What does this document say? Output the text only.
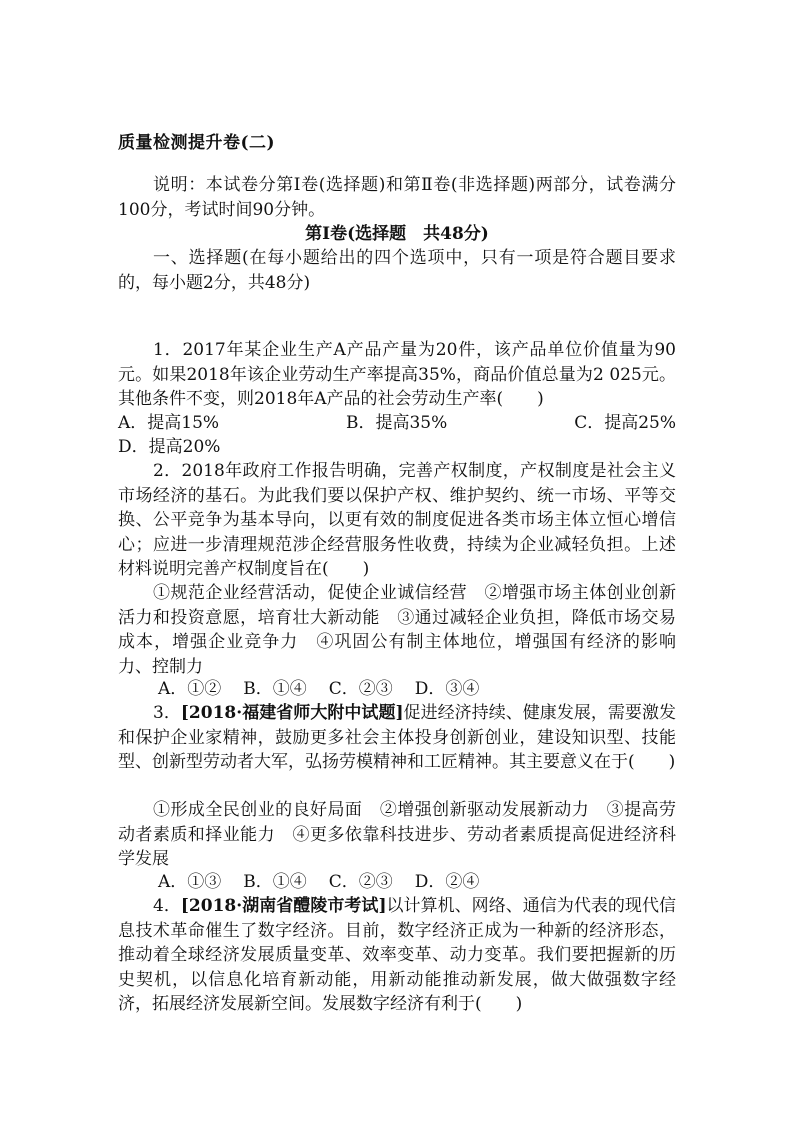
质量检测提升卷(二)
说明：本试卷分第Ⅰ卷(选择题)和第Ⅱ卷(非选择题)两部分，试卷满分100分，考试时间90分钟。
第Ⅰ卷(选择题　共48分)
一、选择题(在每小题给出的四个选项中，只有一项是符合题目要求的，每小题2分，共48分)
1．2017年某企业生产A产品产量为20件，该产品单位价值量为90元。如果2018年该企业劳动生产率提高35%，商品价值总量为2 025元。其他条件不变，则2018年A产品的社会劳动生产率(　　)
A．提高15%	B．提高35%	C．提高25%
D．提高20%
2．2018年政府工作报告明确，完善产权制度，产权制度是社会主义市场经济的基石。为此我们要以保护产权、维护契约、统一市场、平等交换、公平竞争为基本导向，以更有效的制度促进各类市场主体立恒心增信心；应进一步清理规范涉企经营服务性收费，持续为企业减轻负担。上述材料说明完善产权制度旨在(　　)
①规范企业经营活动，促使企业诚信经营　②增强市场主体创业创新活力和投资意愿，培育壮大新动能　③通过减轻企业负担，降低市场交易成本，增强企业竞争力　④巩固公有制主体地位，增强国有经济的影响力、控制力
A．①② B．①④ C．②③ D．③④
3．[2018·福建省师大附中试题]促进经济持续、健康发展，需要激发和保护企业家精神，鼓励更多社会主体投身创新创业，建设知识型、技能型、创新型劳动者大军，弘扬劳模精神和工匠精神。其主要意义在于(　　)
①形成全民创业的良好局面　②增强创新驱动发展新动力　③提高劳动者素质和择业能力　④更多依靠科技进步、劳动者素质提高促进经济科学发展
A．①③ B．①④ C．②③ D．②④
4．[2018·湖南省醴陵市考试]以计算机、网络、通信为代表的现代信息技术革命催生了数字经济。目前，数字经济正成为一种新的经济形态，推动着全球经济发展质量变革、效率变革、动力变革。我们要把握新的历史契机，以信息化培育新动能，用新动能推动新发展，做大做强数字经济，拓展经济发展新空间。发展数字经济有利于(　　)
